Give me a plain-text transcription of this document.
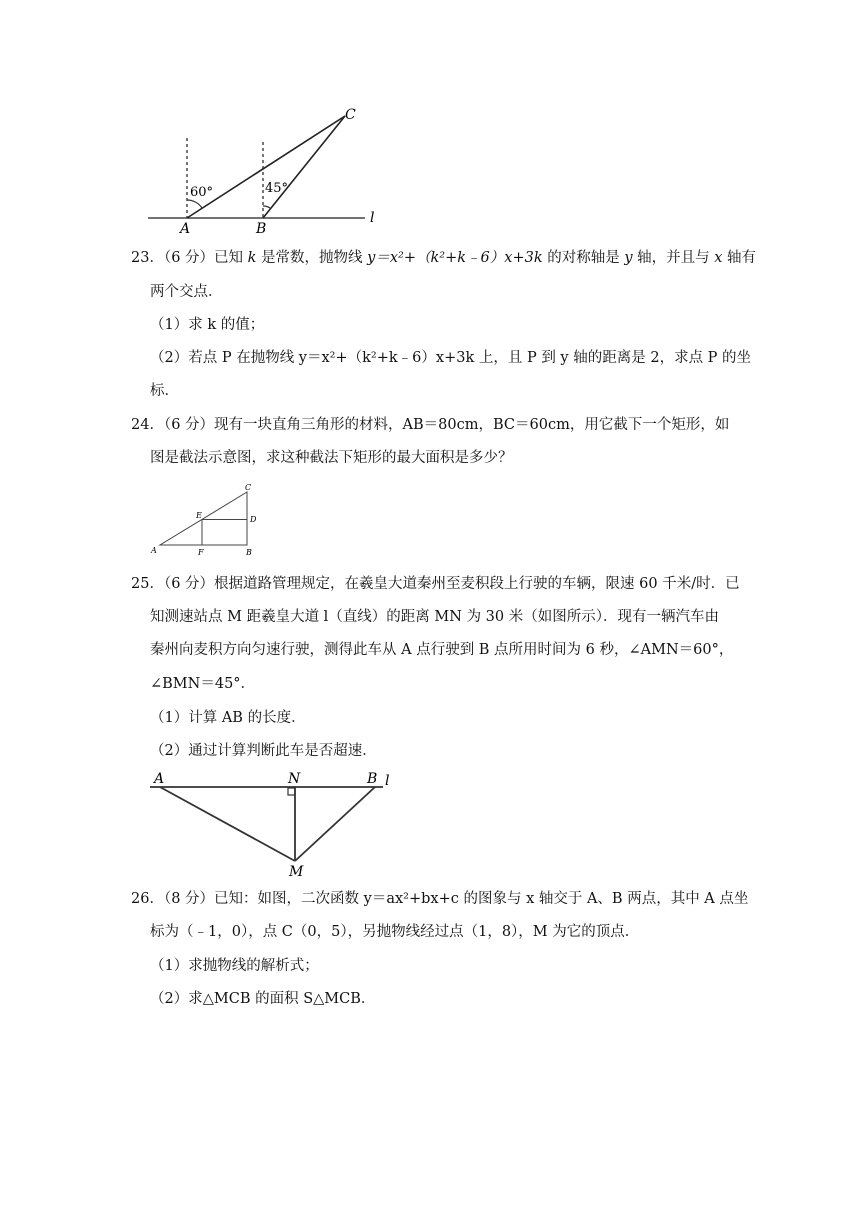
60°	45°
C
A	B
l
23．（6 分）已知 k 是常数，抛物线 y＝x²+（k²+k﹣6）x+3k 的对称轴是 y 轴，并且与 x 轴有
两个交点．
（1）求 k 的值；
（2）若点 P 在抛物线 y＝x²+（k²+k﹣6）x+3k 上，且 P 到 y 轴的距离是 2，求点 P 的坐
标．
24．（6 分）现有一块直角三角形的材料，AB＝80cm，BC＝60cm，用它截下一个矩形，如
图是截法示意图，求这种截法下矩形的最大面积是多少？
C
E	D
A	F	B
25．（6 分）根据道路管理规定，在羲皇大道秦州至麦积段上行驶的车辆，限速 60 千米/时．已
知测速站点 M 距羲皇大道 l（直线）的距离 MN 为 30 米（如图所示）．现有一辆汽车由
秦州向麦积方向匀速行驶，测得此车从 A 点行驶到 B 点所用时间为 6 秒，∠AMN＝60°，
∠BMN＝45°．
（1）计算 AB 的长度．
（2）通过计算判断此车是否超速．
A	N	B l
M
26．（8 分）已知：如图，二次函数 y＝ax²+bx+c 的图象与 x 轴交于 A、B 两点，其中 A 点坐
标为（﹣1，0），点 C（0，5），另抛物线经过点（1，8），M 为它的顶点．
（1）求抛物线的解析式；
（2）求△MCB 的面积 S△MCB．
